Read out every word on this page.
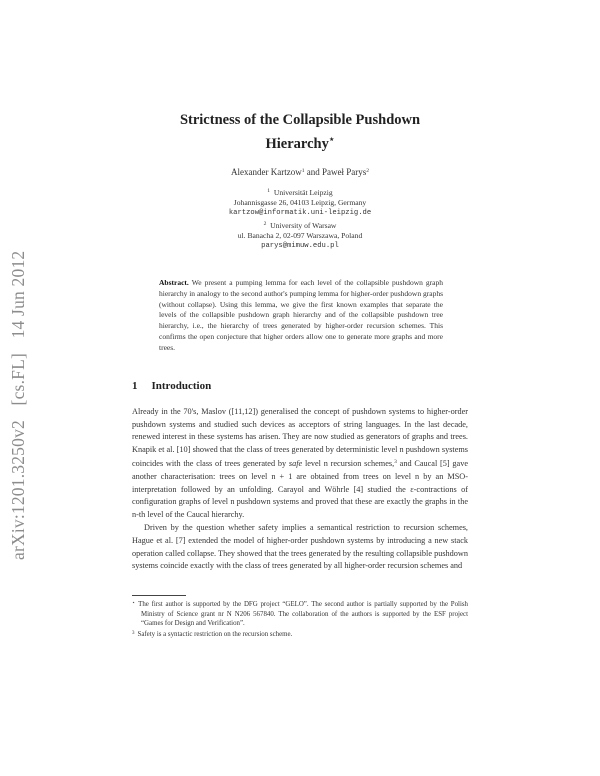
arXiv:1201.3250v2 [cs.FL] 14 Jun 2012
Strictness of the Collapsible Pushdown
Hierarchy⋆
Alexander Kartzow$^1$ and Paweł Parys$^2$
$^1$ Universität Leipzig
Johannisgasse 26, 04103 Leipzig, Germany
kartzow@informatik.uni-leipzig.de
$^2$ University of Warsaw
ul. Banacha 2, 02-097 Warszawa, Poland
parys@mimuw.edu.pl
Abstract. We present a pumping lemma for each level of the collapsible pushdown graph hierarchy in analogy to the second author's pumping lemma for higher-order pushdown graphs (without collapse). Using this lemma, we give the first known examples that separate the levels of the collapsible pushdown graph hierarchy and of the collapsible pushdown tree hierarchy, i.e., the hierarchy of trees generated by higher-order recursion schemes. This confirms the open conjecture that higher orders allow one to generate more graphs and more trees.
1 Introduction

Already in the 70's, Maslov ([11,12]) generalised the concept of pushdown systems to higher-order pushdown systems and studied such devices as acceptors of string languages. In the last decade, renewed interest in these systems has arisen. They are now studied as generators of graphs and trees. Knapik et al. [10] showed that the class of trees generated by deterministic level n pushdown systems coincides with the class of trees generated by safe level n recursion schemes,$^3$ and Caucal [5] gave another characterisation: trees on level n + 1 are obtained from trees on level n by an MSO-interpretation followed by an unfolding. Carayol and Wöhrle [4] studied the ε-contractions of configuration graphs of level n pushdown systems and proved that these are exactly the graphs in the n-th level of the Caucal hierarchy.

Driven by the question whether safety implies a semantical restriction to recursion schemes, Hague et al. [7] extended the model of higher-order pushdown systems by introducing a new stack operation called collapse. They showed that the trees generated by the resulting collapsible pushdown systems coincide exactly with the class of trees generated by all higher-order recursion schemes and

⋆ The first author is supported by the DFG project “GELO”. The second author is partially supported by the Polish Ministry of Science grant nr N N206 567840. The collaboration of the authors is supported by the ESF project “Games for Design and Verification”.

$^3$ Safety is a syntactic restriction on the recursion scheme.
